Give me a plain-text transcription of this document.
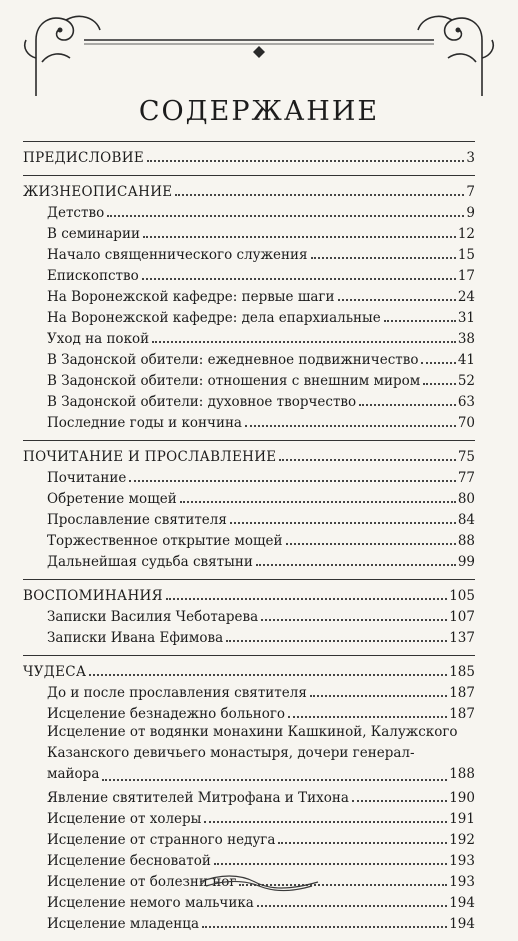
СОДЕРЖАНИЕ
ПРЕДИСЛОВИЕ	3
ЖИЗНЕОПИСАНИЕ	7
Детство	9
В семинарии	12
Начало священнического служения	15
Епископство	17
На Воронежской кафедре: первые шаги	24
На Воронежской кафедре: дела епархиальные	31
Уход на покой	38
В Задонской обители: ежедневное подвижничество	41
В Задонской обители: отношения с внешним миром	52
В Задонской обители: духовное творчество	63
Последние годы и кончина	70
ПОЧИТАНИЕ И ПРОСЛАВЛЕНИЕ	75
Почитание	77
Обретение мощей	80
Прославление святителя	84
Торжественное открытие мощей	88
Дальнейшая судьба святыни	99
ВОСПОМИНАНИЯ	105
Записки Василия Чеботарева	107
Записки Ивана Ефимова	137
ЧУДЕСА	185
До и после прославления святителя	187
Исцеление безнадежно больного	187
Исцеление от водянки монахини Кашкиной, Калужского
Казанского девичьего монастыря, дочери генерал-
майора	188
Явление святителей Митрофана и Тихона	190
Исцеление от холеры	191
Исцеление от странного недуга	192
Исцеление бесноватой	193
Исцеление от болезни ног	193
Исцеление немого мальчика	194
Исцеление младенца	194
